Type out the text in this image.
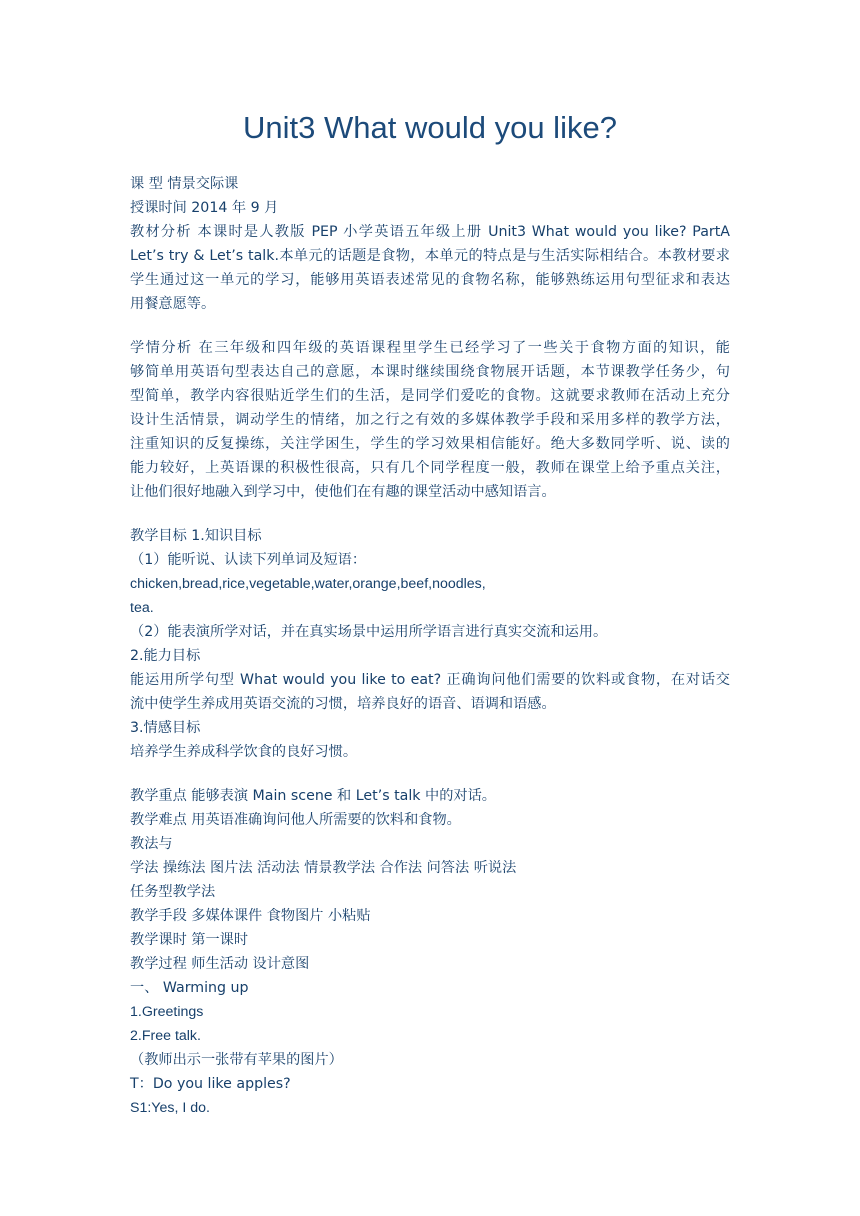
Unit3 What would you like?
课 型 情景交际课
授课时间 2014 年 9 月
教材分析 本课时是人教版 PEP 小学英语五年级上册 Unit3 What would you like? PartA
Let’s try & Let’s talk.本单元的话题是食物，本单元的特点是与生活实际相结合。本教材要求
学生通过这一单元的学习，能够用英语表述常见的食物名称，能够熟练运用句型征求和表达
用餐意愿等。
学情分析 在三年级和四年级的英语课程里学生已经学习了一些关于食物方面的知识，能
够简单用英语句型表达自己的意愿，本课时继续围绕食物展开话题，本节课教学任务少，句
型简单，教学内容很贴近学生们的生活，是同学们爱吃的食物。这就要求教师在活动上充分
设计生活情景，调动学生的情绪，加之行之有效的多媒体教学手段和采用多样的教学方法，
注重知识的反复操练，关注学困生，学生的学习效果相信能好。绝大多数同学听、说、读的
能力较好，上英语课的积极性很高，只有几个同学程度一般，教师在课堂上给予重点关注，
让他们很好地融入到学习中，使他们在有趣的课堂活动中感知语言。
教学目标 1.知识目标
（1）能听说、认读下列单词及短语：
chicken,bread,rice,vegetable,water,orange,beef,noodles,
tea.
（2）能表演所学对话，并在真实场景中运用所学语言进行真实交流和运用。
2.能力目标
能运用所学句型 What would you like to eat? 正确询问他们需要的饮料或食物，在对话交
流中使学生养成用英语交流的习惯，培养良好的语音、语调和语感。
3.情感目标
培养学生养成科学饮食的良好习惯。
教学重点 能够表演 Main scene 和 Let’s talk 中的对话。
教学难点 用英语准确询问他人所需要的饮料和食物。
教法与
学法 操练法 图片法 活动法 情景教学法 合作法 问答法 听说法
任务型教学法
教学手段 多媒体课件 食物图片 小粘贴
教学课时 第一课时
教学过程 师生活动 设计意图
一、 Warming up
1.Greetings
2.Free talk.
（教师出示一张带有苹果的图片）
T：Do you like apples?
S1:Yes, I do.
